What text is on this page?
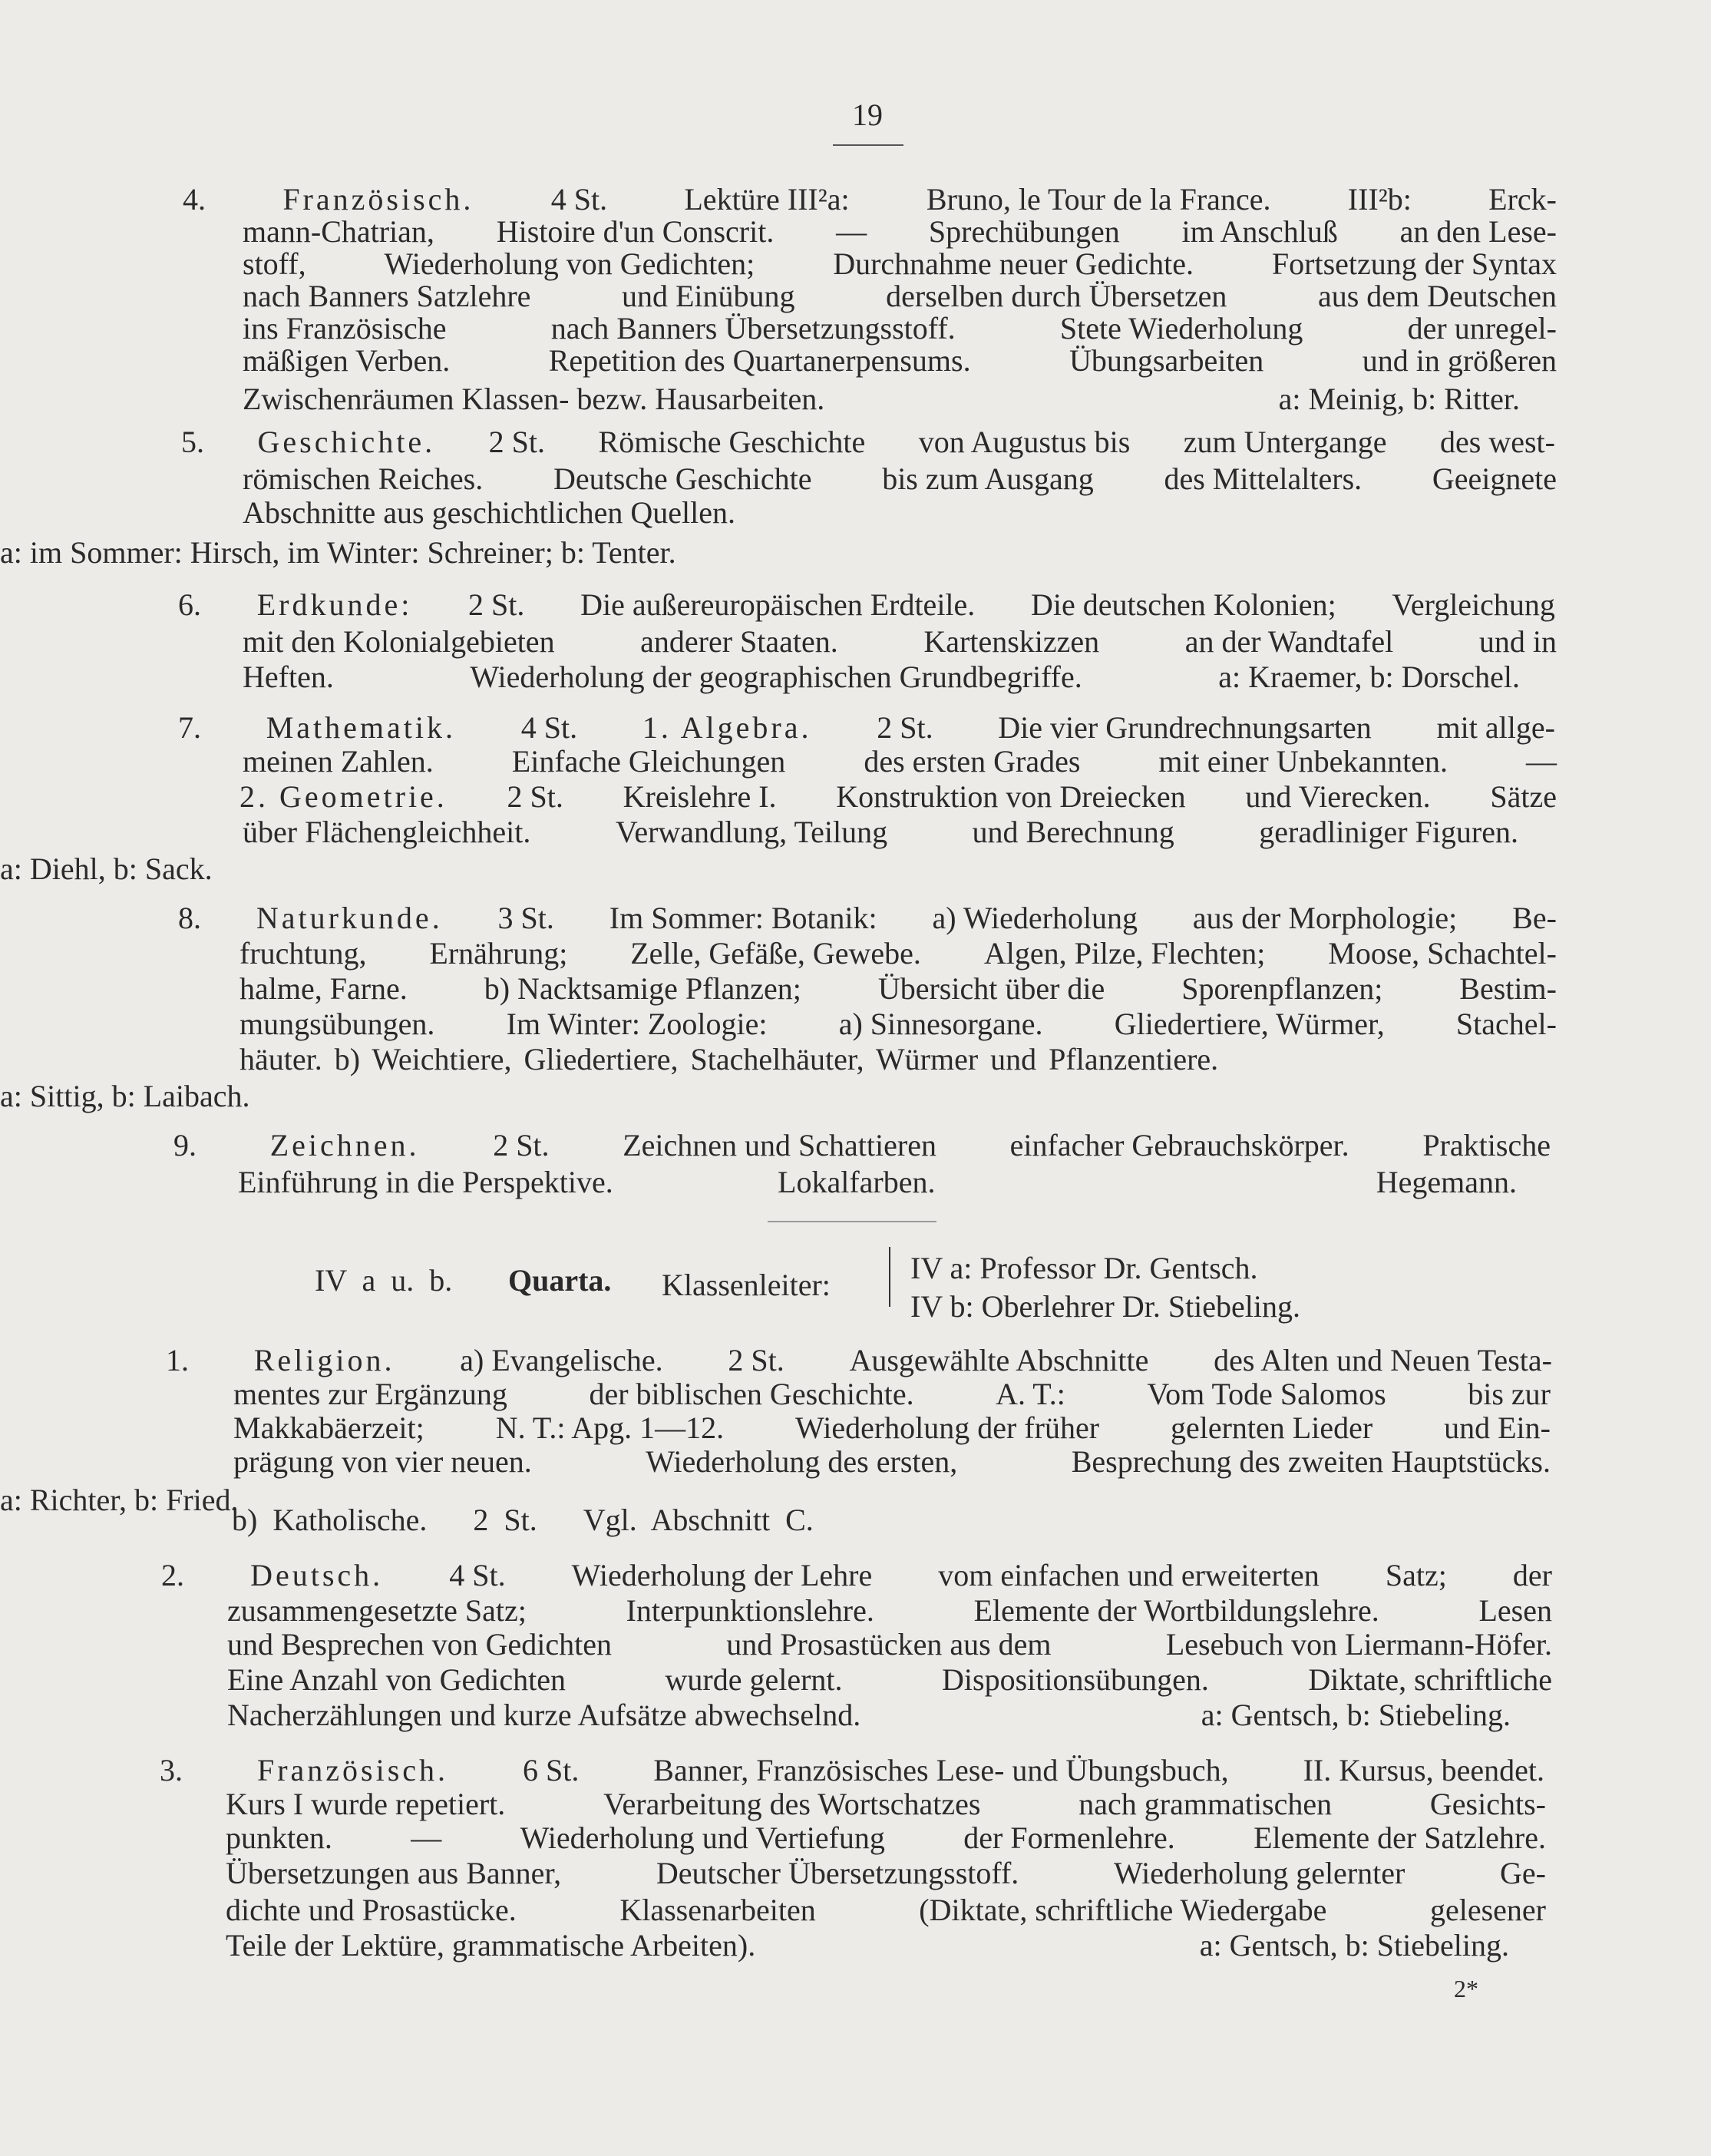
19
4.	Französisch.	4 St.	Lektüre III²a:	Bruno, le Tour de la France.	III²b:	Erck-
mann-Chatrian, Histoire d'un Conscrit. — Sprechübungen im Anschluß an den Lese-
stoff,	Wiederholung von Gedichten;	Durchnahme neuer Gedichte.	Fortsetzung der Syntax
nach Banners Satzlehre	und Einübung	derselben durch Übersetzen	aus dem Deutschen
ins Französische	nach Banners Übersetzungsstoff.	Stete Wiederholung	der unregel-
mäßigen Verben.	Repetition des Quartanerpensums.	Übungsarbeiten	und in größeren
Zwischenräumen Klassen- bezw. Hausarbeiten.	a: Meinig, b: Ritter.
5. Geschichte. 2 St. Römische Geschichte von Augustus bis zum Untergange des west-
römischen Reiches. Deutsche Geschichte bis zum Ausgang des Mittelalters. Geeignete
Abschnitte aus geschichtlichen Quellen.
a: im Sommer: Hirsch, im Winter: Schreiner; b: Tenter.
6. Erdkunde: 2 St. Die außereuropäischen Erdteile. Die deutschen Kolonien; Vergleichung
mit den Kolonialgebieten	anderer Staaten.	Kartenskizzen	an der Wandtafel	und in
Heften.	Wiederholung der geographischen Grundbegriffe.	a: Kraemer, b: Dorschel.
7. Mathematik. 4 St. 1. Algebra. 2 St. Die vier Grundrechnungsarten mit allge-
meinen Zahlen.	Einfache Gleichungen	des ersten Grades	mit einer Unbekannten.	—
2. Geometrie. 2 St. Kreislehre I. Konstruktion von Dreiecken und Vierecken. Sätze
über Flächengleichheit.	Verwandlung, Teilung	und Berechnung	geradliniger Figuren.
a: Diehl, b: Sack.
8. Naturkunde. 3 St. Im Sommer: Botanik: a) Wiederholung aus der Morphologie; Be-
fruchtung, Ernährung; Zelle, Gefäße, Gewebe. Algen, Pilze, Flechten; Moose, Schachtel-
halme, Farne. b) Nacktsamige Pflanzen; Übersicht über die Sporenpflanzen; Bestim-
mungsübungen. Im Winter: Zoologie: a) Sinnesorgane. Gliedertiere, Würmer, Stachel-
häuter. b) Weichtiere, Gliedertiere, Stachelhäuter, Würmer und Pflanzentiere.
a: Sittig, b: Laibach.
9. Zeichnen. 2 St. Zeichnen und Schattieren einfacher Gebrauchskörper. Praktische
Einführung in die Perspektive.	Lokalfarben.	Hegemann.
IV a u. b. Quarta. Klassenleiter:	IV a: Professor Dr. Gentsch.
IV b: Oberlehrer Dr. Stiebeling.
1. Religion. a) Evangelische. 2 St. Ausgewählte Abschnitte des Alten und Neuen Testa-
mentes zur Ergänzung	der biblischen Geschichte.	A. T.:	Vom Tode Salomos	bis zur
Makkabäerzeit; N. T.: Apg. 1—12. Wiederholung der früher gelernten Lieder und Ein-
prägung von vier neuen.	Wiederholung des ersten,	Besprechung des zweiten Hauptstücks.
a: Richter, b: Fried.
b) Katholische. 2 St. Vgl. Abschnitt C.
2. Deutsch. 4 St. Wiederholung der Lehre vom einfachen und erweiterten Satz; der
zusammengesetzte Satz;	Interpunktionslehre.	Elemente der Wortbildungslehre.	Lesen
und Besprechen von Gedichten	und Prosastücken aus dem	Lesebuch von Liermann-Höfer.
Eine Anzahl von Gedichten	wurde gelernt.	Dispositionsübungen.	Diktate, schriftliche
Nacherzählungen und kurze Aufsätze abwechselnd.	a: Gentsch, b: Stiebeling.
3. Französisch. 6 St. Banner, Französisches Lese- und Übungsbuch, II. Kursus, beendet.
Kurs I wurde repetiert.	Verarbeitung des Wortschatzes	nach grammatischen	Gesichts-
punkten.	—	Wiederholung und Vertiefung	der Formenlehre.	Elemente der Satzlehre.
Übersetzungen aus Banner,	Deutscher Übersetzungsstoff.	Wiederholung gelernter	Ge-
dichte und Prosastücke.	Klassenarbeiten	(Diktate, schriftliche Wiedergabe	gelesener
Teile der Lektüre, grammatische Arbeiten).	a: Gentsch, b: Stiebeling.
2*
